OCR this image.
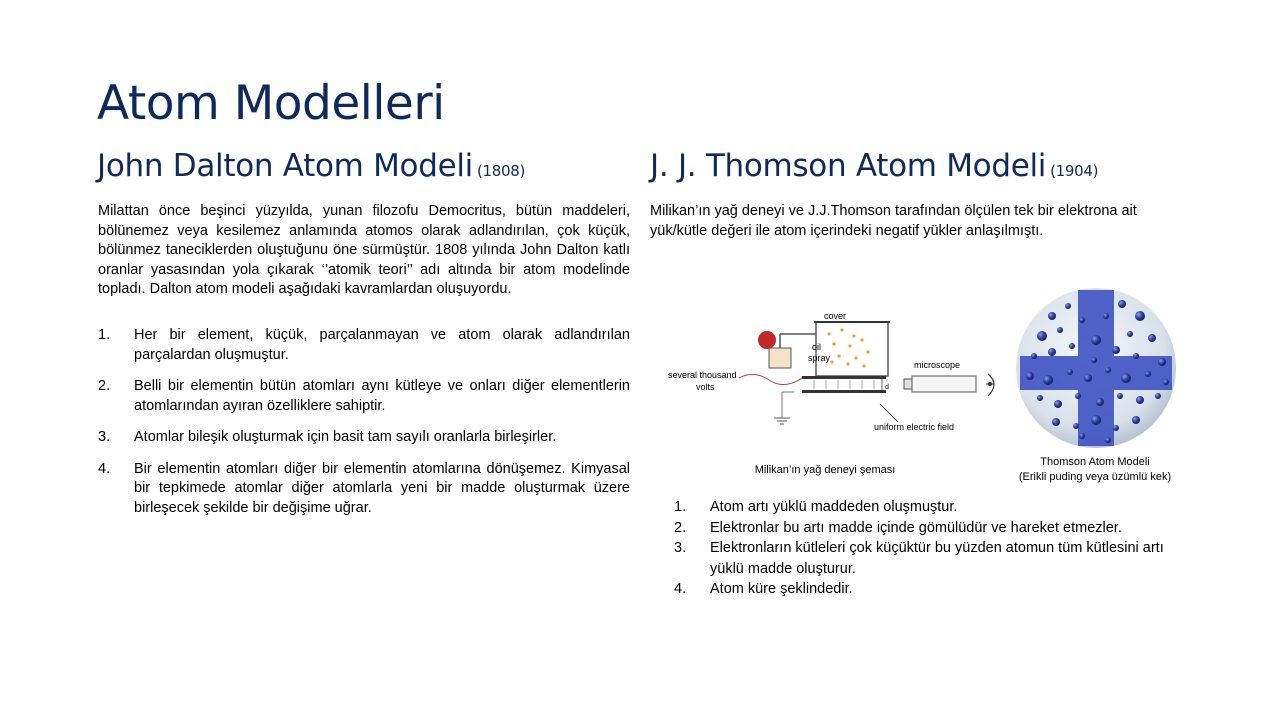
Atom Modelleri
John Dalton Atom Modeli (1808)	J. J. Thomson Atom Modeli (1904)

Milattan önce beşinci yüzyılda, yunan filozofu Democritus, bütün maddeleri, bölünemez veya kesilemez anlamında atomos olarak adlandırılan, çok küçük, bölünmez taneciklerden oluştuğunu öne sürmüştür. 1808 yılında John Dalton katlı oranlar yasasından yola çıkarak ‘’atomik teori’’ adı altında bir atom modelinde topladı. Dalton atom modeli aşağıdaki kavramlardan oluşuyordu.

1. Her bir element, küçük, parçalanmayan ve atom olarak adlandırılan parçalardan oluşmuştur.
2. Belli bir elementin bütün atomları aynı kütleye ve onları diğer elementlerin atomlarından ayıran özelliklere sahiptir.
3. Atomlar bileşik oluşturmak için basit tam sayılı oranlarla birleşirler.
4. Bir elementin atomları diğer bir elementin atomlarına dönüşemez. Kimyasal bir tepkimede atomlar diğer atomlarla yeni bir madde oluşturmak üzere birleşecek şekilde bir değişime uğrar.

Milikan’ın yağ deneyi ve J.J.Thomson tarafından ölçülen tek bir elektrona ait yük/kütle değeri ile atom içerindeki negatif yükler anlaşılmıştı.

cover
oil
spray
d
several thousand
volts
microscope
uniform electric field
Milikan’ın yağ deneyi şeması
Thomson Atom Modeli
(Erikli puding veya üzümlü kek)
1. Atom artı yüklü maddeden oluşmuştur.
2. Elektronlar bu artı madde içinde gömülüdür ve hareket etmezler.
3. Elektronların kütleleri çok küçüktür bu yüzden atomun tüm kütlesini artı yüklü madde oluşturur.
4. Atom küre şeklindedir.
